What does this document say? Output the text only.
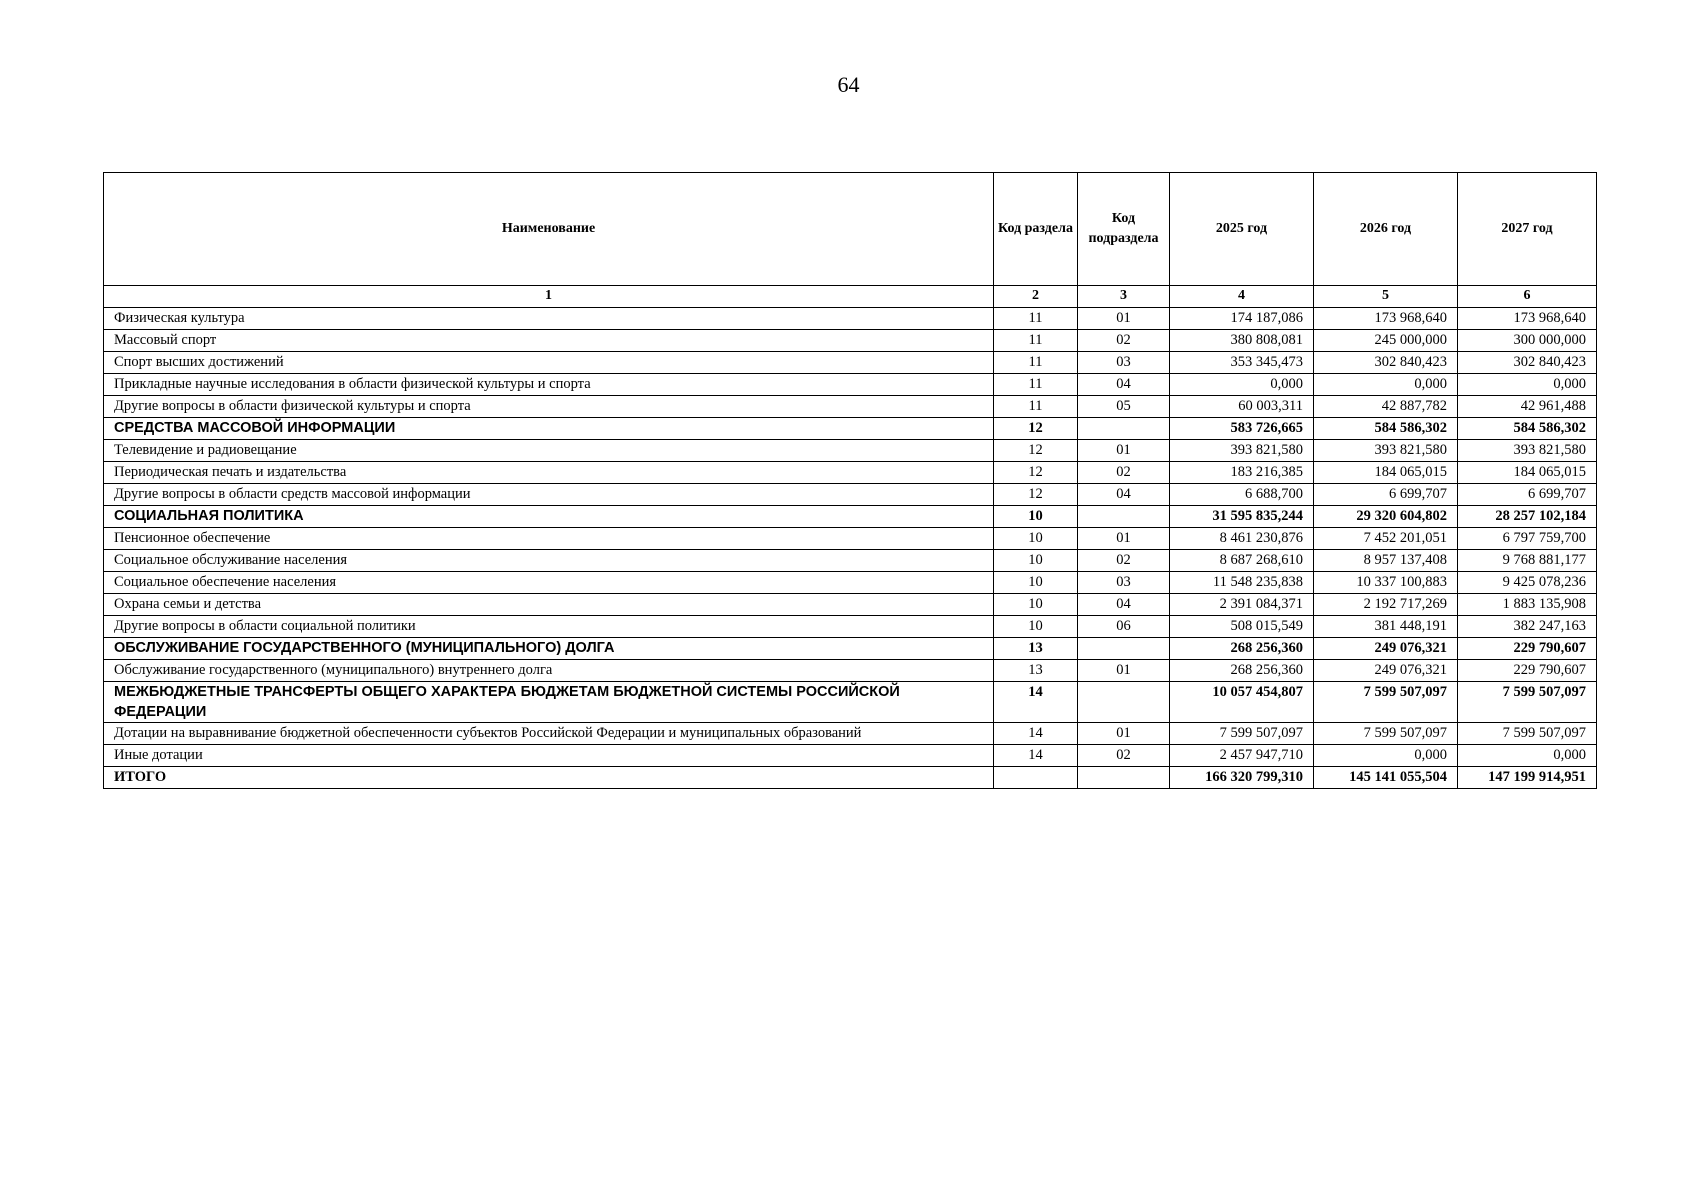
64
Наименование	Код раздела	Код подраздела	2025 год	2026 год	2027 год
1	2	3	4	5	6
Физическая культура	11	01	174 187,086	173 968,640	173 968,640
Массовый спорт	11	02	380 808,081	245 000,000	300 000,000
Спорт высших достижений	11	03	353 345,473	302 840,423	302 840,423
Прикладные научные исследования в области физической культуры и спорта	11	04	0,000	0,000	0,000
Другие вопросы в области физической культуры и спорта	11	05	60 003,311	42 887,782	42 961,488
СРЕДСТВА МАССОВОЙ ИНФОРМАЦИИ	12		583 726,665	584 586,302	584 586,302
Телевидение и радиовещание	12	01	393 821,580	393 821,580	393 821,580
Периодическая печать и издательства	12	02	183 216,385	184 065,015	184 065,015
Другие вопросы в области средств массовой информации	12	04	6 688,700	6 699,707	6 699,707
СОЦИАЛЬНАЯ ПОЛИТИКА	10		31 595 835,244	29 320 604,802	28 257 102,184
Пенсионное обеспечение	10	01	8 461 230,876	7 452 201,051	6 797 759,700
Социальное обслуживание населения	10	02	8 687 268,610	8 957 137,408	9 768 881,177
Социальное обеспечение населения	10	03	11 548 235,838	10 337 100,883	9 425 078,236
Охрана семьи и детства	10	04	2 391 084,371	2 192 717,269	1 883 135,908
Другие вопросы в области социальной политики	10	06	508 015,549	381 448,191	382 247,163
ОБСЛУЖИВАНИЕ ГОСУДАРСТВЕННОГО (МУНИЦИПАЛЬНОГО) ДОЛГА	13		268 256,360	249 076,321	229 790,607
Обслуживание государственного (муниципального) внутреннего долга	13	01	268 256,360	249 076,321	229 790,607
МЕЖБЮДЖЕТНЫЕ ТРАНСФЕРТЫ ОБЩЕГО ХАРАКТЕРА БЮДЖЕТАМ БЮДЖЕТНОЙ СИСТЕМЫ РОССИЙСКОЙ ФЕДЕРАЦИИ	14		10 057 454,807	7 599 507,097	7 599 507,097
Дотации на выравнивание бюджетной обеспеченности субъектов Российской Федерации и муниципальных образований	14	01	7 599 507,097	7 599 507,097	7 599 507,097
Иные дотации	14	02	2 457 947,710	0,000	0,000
ИТОГО			166 320 799,310	145 141 055,504	147 199 914,951
